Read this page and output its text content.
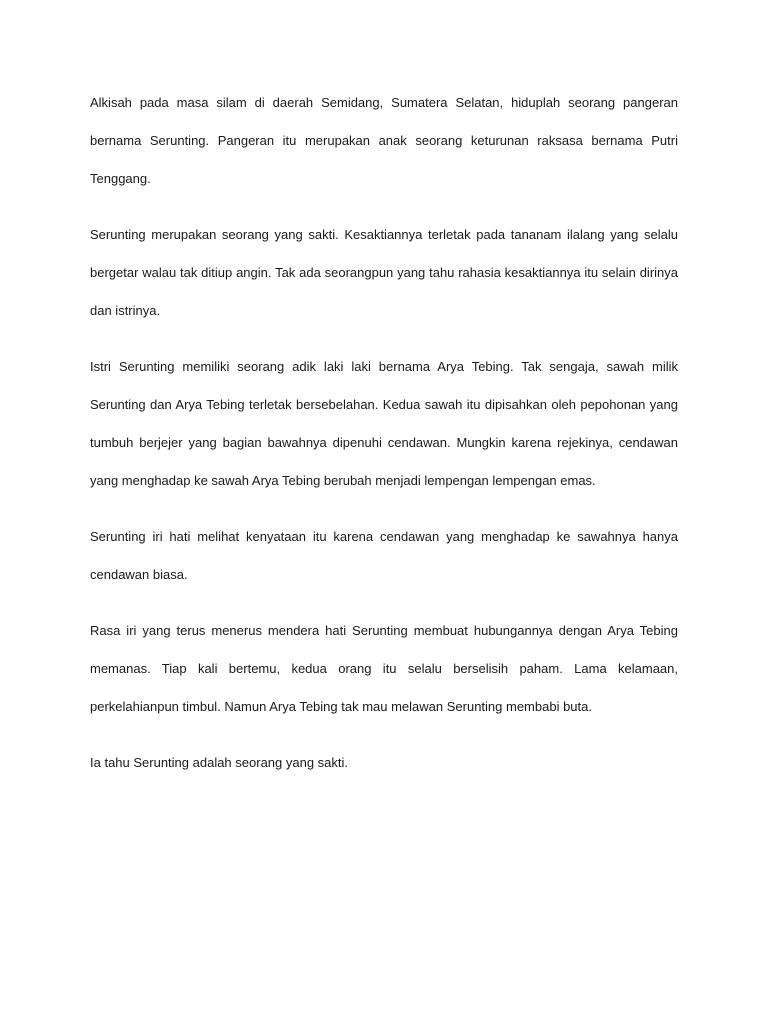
Alkisah pada masa silam di daerah Semidang, Sumatera Selatan, hiduplah seorang pangeran bernama Serunting. Pangeran itu merupakan anak seorang keturunan raksasa bernama Putri Tenggang.

Serunting merupakan seorang yang sakti. Kesaktiannya terletak pada tananam ilalang yang selalu bergetar walau tak ditiup angin. Tak ada seorangpun yang tahu rahasia kesaktiannya itu selain dirinya dan istrinya.

Istri Serunting memiliki seorang adik laki laki bernama Arya Tebing. Tak sengaja, sawah milik Serunting dan Arya Tebing terletak bersebelahan. Kedua sawah itu dipisahkan oleh pepohonan yang tumbuh berjejer yang bagian bawahnya dipenuhi cendawan. Mungkin karena rejekinya, cendawan yang menghadap ke sawah Arya Tebing berubah menjadi lempengan lempengan emas.

Serunting iri hati melihat kenyataan itu karena cendawan yang menghadap ke sawahnya hanya cendawan biasa.

Rasa iri yang terus menerus mendera hati Serunting membuat hubungannya dengan Arya Tebing memanas. Tiap kali bertemu, kedua orang itu selalu berselisih paham. Lama kelamaan, perkelahianpun timbul. Namun Arya Tebing tak mau melawan Serunting membabi buta.

Ia tahu Serunting adalah seorang yang sakti.
